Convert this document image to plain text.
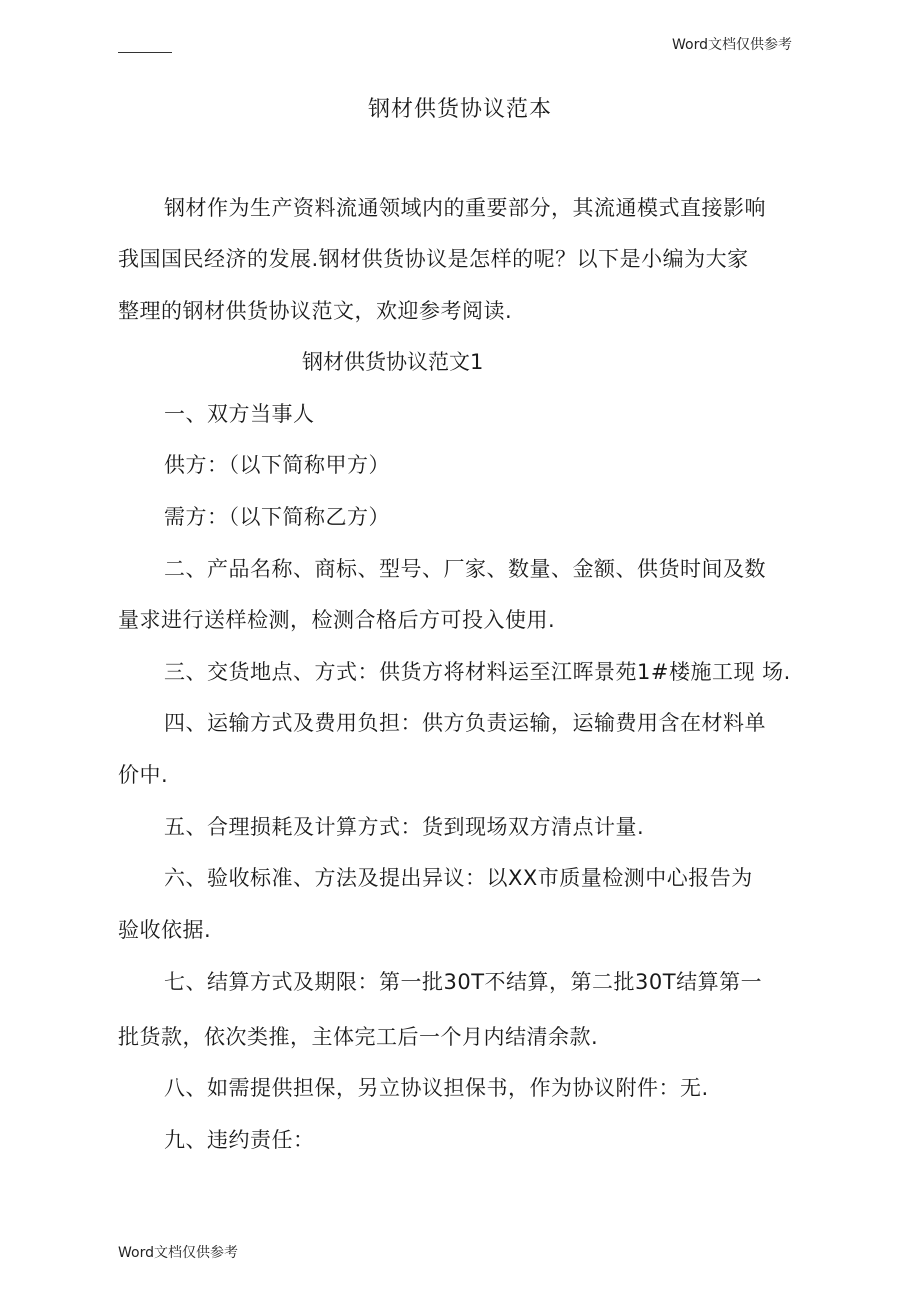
Word文档仅供参考
钢材供货协议范本
钢材作为生产资料流通领域内的重要部分，其流通模式直接影响
我国国民经济的发展.钢材供货协议是怎样的呢？以下是小编为大家
整理的钢材供货协议范文，欢迎参考阅读.
钢材供货协议范文1
一、双方当事人
供方：（以下简称甲方）
需方：（以下简称乙方）
二、产品名称、商标、型号、厂家、数量、金额、供货时间及数
量求进行送样检测，检测合格后方可投入使用.
三、交货地点、方式：供货方将材料运至江晖景苑1#楼施工现 场.
四、运输方式及费用负担：供方负责运输，运输费用含在材料单
价中.
五、合理损耗及计算方式：货到现场双方清点计量.
六、验收标准、方法及提出异议：以XX市质量检测中心报告为
验收依据.
七、结算方式及期限：第一批30T不结算，第二批30T结算第一
批货款，依次类推，主体完工后一个月内结清余款.
八、如需提供担保，另立协议担保书，作为协议附件：无.
九、违约责任：
Word文档仅供参考
